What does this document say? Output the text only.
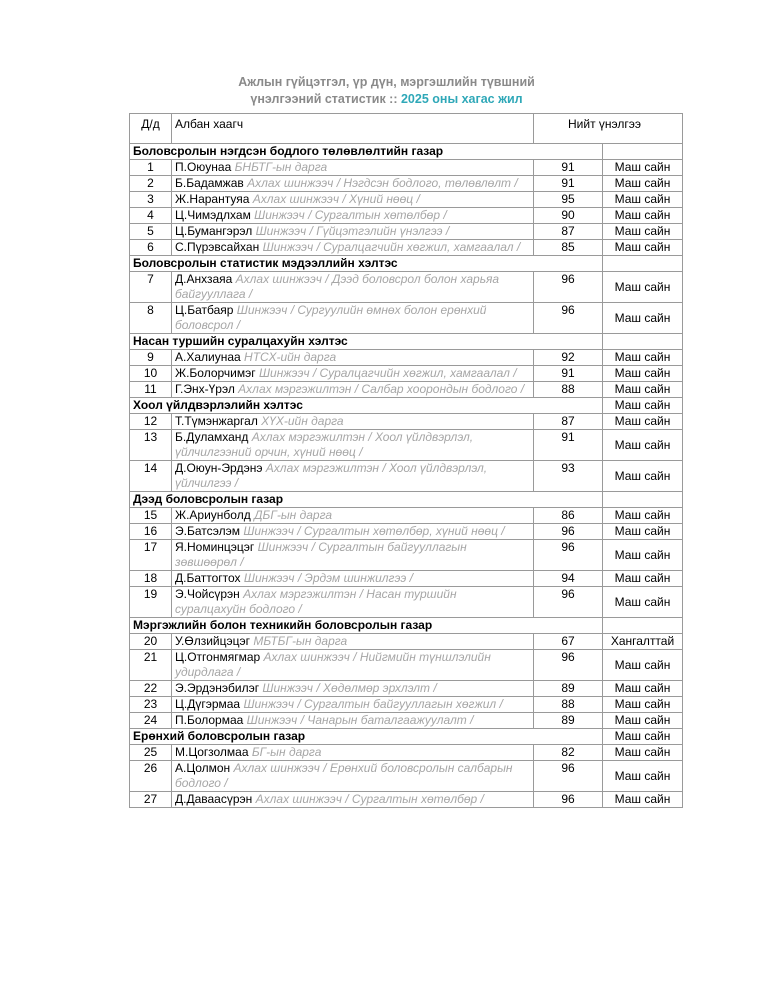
Ажлын гүйцэтгэл, үр дүн, мэргэшлийн түвшний
үнэлгээний статистик :: 2025 оны хагас жил
Д/д	Албан хаагч	Нийт үнэлгээ	
Боловсролын нэгдсэн бодлого төлөвлөлтийн газар			
1	П.Оюунаа БНБТГ-ын дарга	91	Маш сайн
2	Б.Бадамжав Ахлах шинжээч / Нэгдсэн бодлого, төлөвлөлт /	91	Маш сайн
3	Ж.Нарантуяа Ахлах шинжээч / Хүний нөөц /	95	Маш сайн
4	Ц.Чимэдлхам Шинжээч / Сургалтын хөтөлбөр /	90	Маш сайн
5	Ц.Бумангэрэл Шинжээч / Гүйцэтгэлийн үнэлгээ /	87	Маш сайн
6	С.Пүрэвсайхан Шинжээч / Суралцагчийн хөгжил, хамгаалал /	85	Маш сайн
Боловсролын статистик мэдээллийн хэлтэс			
7	Д.Анхзаяа Ахлах шинжээч / Дээд боловсрол болон харьяа байгууллага /	96	Маш сайн
8	Ц.Батбаяр Шинжээч / Сургуулийн өмнөх болон ерөнхий боловсрол /	96	Маш сайн
Насан туршийн суралцахуйн хэлтэс			
9	А.Халиунаа НТСХ-ийн дарга	92	Маш сайн
10	Ж.Болорчимэг Шинжээч / Суралцагчийн хөгжил, хамгаалал /	91	Маш сайн
11	Г.Энх-Үрэл Ахлах мэргэжилтэн / Салбар хоорондын бодлого /	88	Маш сайн
Хоол үйлдвэрлэлийн хэлтэс			Маш сайн
12	Т.Түмэнжаргал ХҮХ-ийн дарга	87	Маш сайн
13	Б.Дуламханд Ахлах мэргэжилтэн / Хоол үйлдвэрлэл, үйлчилгээний орчин, хүний нөөц /	91	Маш сайн
14	Д.Оюун-Эрдэнэ Ахлах мэргэжилтэн / Хоол үйлдвэрлэл, үйлчилгээ /	93	Маш сайн
Дээд боловсролын газар			
15	Ж.Ариунболд ДБГ-ын дарга	86	Маш сайн
16	Э.Батсэлэм Шинжээч / Сургалтын хөтөлбөр, хүний нөөц /	96	Маш сайн
17	Я.Номинцэцэг Шинжээч / Сургалтын байгууллагын зөвшөөрөл /	96	Маш сайн
18	Д.Баттогтох Шинжээч / Эрдэм шинжилгээ /	94	Маш сайн
19	Э.Чойсүрэн Ахлах мэргэжилтэн / Насан туршийн суралцахуйн бодлого /	96	Маш сайн
Мэргэжлийн болон техникийн боловсролын газар			
20	У.Өлзийцэцэг МБТБГ-ын дарга	67	Хангалттай
21	Ц.Отгонмягмар Ахлах шинжээч / Нийгмийн түншлэлийн удирдлага /	96	Маш сайн
22	Э.Эрдэнэбилэг Шинжээч / Хөдөлмөр эрхлэлт /	89	Маш сайн
23	Ц.Дүгэрмаа Шинжээч / Сургалтын байгууллагын хөгжил /	88	Маш сайн
24	П.Болормаа Шинжээч / Чанарын баталгаажуулалт /	89	Маш сайн
Ерөнхий боловсролын газар			Маш сайн
25	М.Цогзолмаа БГ-ын дарга	82	Маш сайн
26	А.Цолмон Ахлах шинжээч / Ерөнхий боловсролын салбарын бодлого /	96	Маш сайн
27	Д.Даваасүрэн Ахлах шинжээч / Сургалтын хөтөлбөр /	96	Маш сайн
